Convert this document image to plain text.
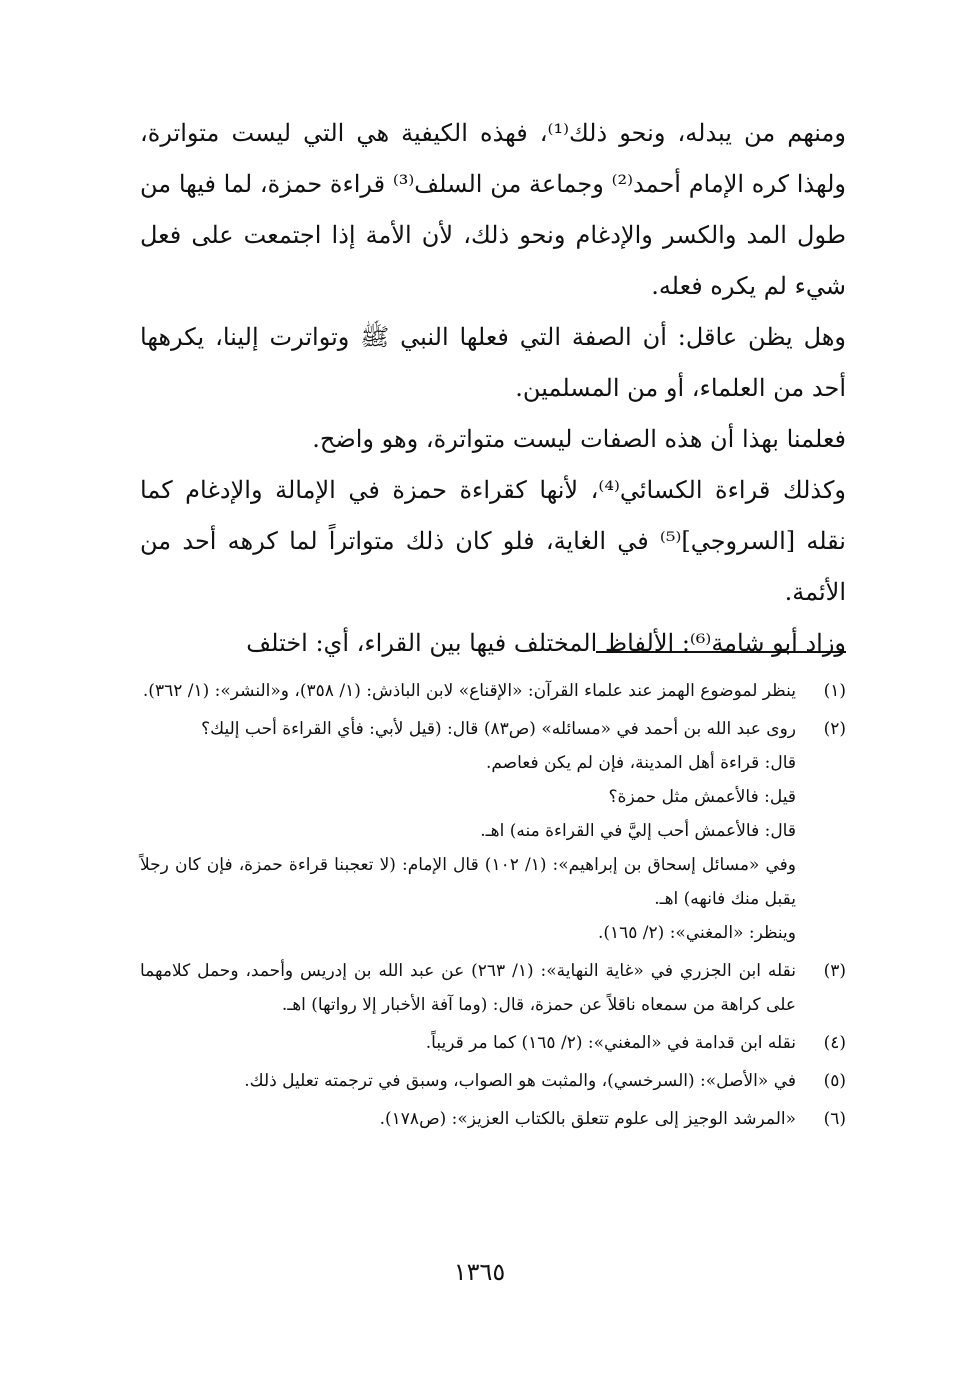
ومنهم من يبدله، ونحو ذلك⁽¹⁾، فهذه الكيفية هي التي ليست متواترة، ولهذا كره الإمام أحمد⁽²⁾ وجماعة من السلف⁽³⁾ قراءة حمزة، لما فيها من طول المد والكسر والإدغام ونحو ذلك، لأن الأمة إذا اجتمعت على فعل شيء لم يكره فعله.

وهل يظن عاقل: أن الصفة التي فعلها النبي ﷺ وتواترت إلينا، يكرهها أحد من العلماء، أو من المسلمين.

فعلمنا بهذا أن هذه الصفات ليست متواترة، وهو واضح.

وكذلك قراءة الكسائي⁽⁴⁾، لأنها كقراءة حمزة في الإمالة والإدغام كما نقله [السروجي]⁽⁵⁾ في الغاية، فلو كان ذلك متواتراً لما كرهه أحد من الأئمة.

وزاد أبو شامة⁽⁶⁾: الألفاظ المختلف فيها بين القراء، أي: اختلف

(١)

ينظر لموضوع الهمز عند علماء القرآن: «الإقناع» لابن الباذش: (١/ ٣٥٨)، و«النشر»: (١/ ٣٦٢).

(٢)

روى عبد الله بن أحمد في «مسائله» (ص٨٣) قال: (قيل لأبي: فأي القراءة أحب إليك؟

قال: قراءة أهل المدينة، فإن لم يكن فعاصم.

قيل: فالأعمش مثل حمزة؟

قال: فالأعمش أحب إليَّ في القراءة منه) اهـ.

وفي «مسائل إسحاق بن إبراهيم»: (١/ ١٠٢) قال الإمام: (لا تعجبنا قراءة حمزة، فإن كان رجلاً يقبل منك فانهه) اهـ.

وينظر: «المغني»: (٢/ ١٦٥).

(٣)

نقله ابن الجزري في «غاية النهاية»: (١/ ٢٦٣) عن عبد الله بن إدريس وأحمد، وحمل كلامهما على كراهة من سمعاه ناقلاً عن حمزة، قال: (وما آفة الأخبار إلا رواتها) اهـ.

(٤)

نقله ابن قدامة في «المغني»: (٢/ ١٦٥) كما مر قريباً.

(٥)

في «الأصل»: (السرخسي)، والمثبت هو الصواب، وسبق في ترجمته تعليل ذلك.

(٦)

«المرشد الوجيز إلى علوم تتعلق بالكتاب العزيز»: (ص١٧٨).

١٣٦٥
